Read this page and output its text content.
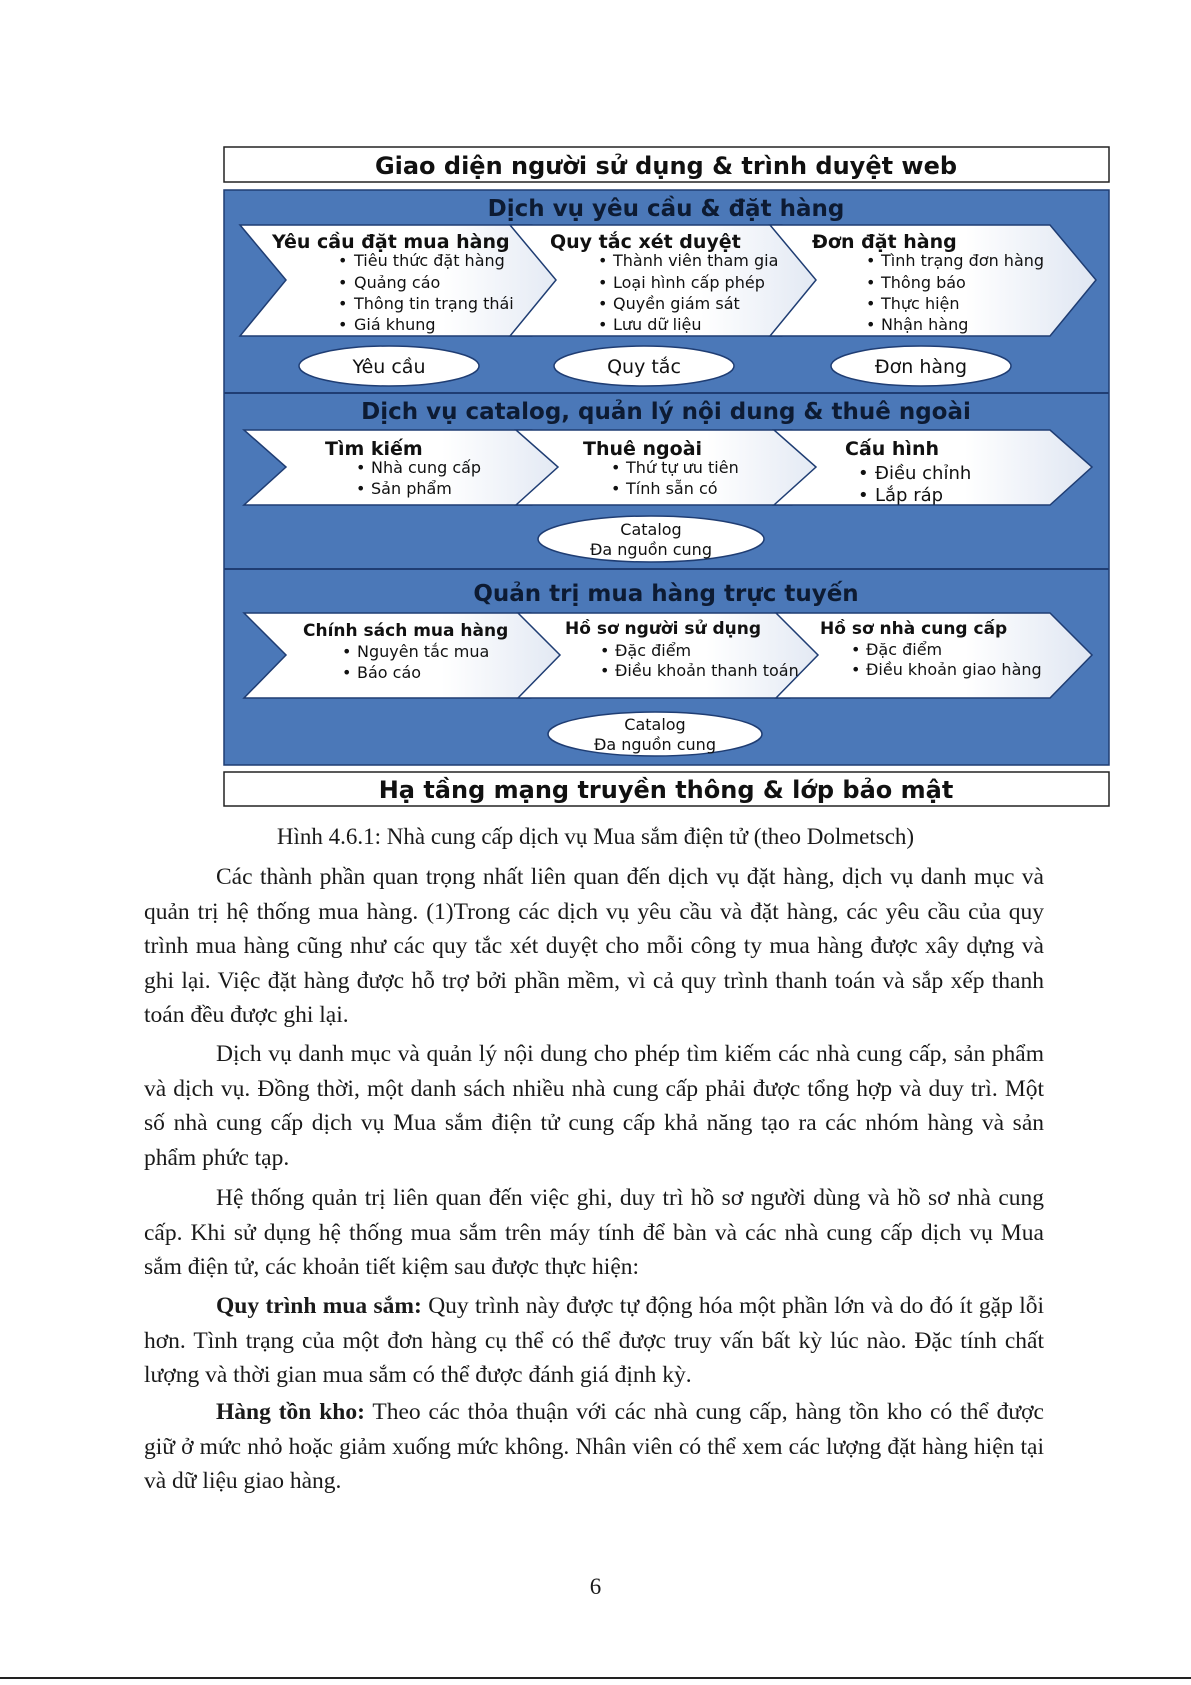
Giao diện người sử dụng & trình duyệt web
Dịch vụ yêu cầu & đặt hàng
Yêu cầu đặt mua hàng
• Tiêu thức đặt hàng
• Quảng cáo
• Thông tin trạng thái
• Giá khung
Quy tắc xét duyệt
• Thành viên tham gia
• Loại hình cấp phép
• Quyền giám sát
• Lưu dữ liệu
Đơn đặt hàng
• Tình trạng đơn hàng
• Thông báo
• Thực hiện
• Nhận hàng
Yêu cầu	Quy tắc	Đơn hàng
Dịch vụ catalog, quản lý nội dung & thuê ngoài
Tìm kiếm
• Nhà cung cấp
• Sản phẩm
Thuê ngoài
• Thứ tự ưu tiên
• Tính sẵn có
Cấu hình
• Điều chỉnh
• Lắp ráp
Catalog
Đa nguồn cung
Quản trị mua hàng trực tuyến
Chính sách mua hàng
• Nguyên tắc mua
• Báo cáo
Hồ sơ người sử dụng
• Đặc điểm
• Điều khoản thanh toán
Hồ sơ nhà cung cấp
• Đặc điểm
• Điều khoản giao hàng
Catalog
Đa nguồn cung
Hạ tầng mạng truyền thông & lớp bảo mật
Hình 4.6.1: Nhà cung cấp dịch vụ Mua sắm điện tử (theo Dolmetsch)

Các thành phần quan trọng nhất liên quan đến dịch vụ đặt hàng, dịch vụ danh mục và quản trị hệ thống mua hàng. (1)Trong các dịch vụ yêu cầu và đặt hàng, các yêu cầu của quy trình mua hàng cũng như các quy tắc xét duyệt cho mỗi công ty mua hàng được xây dựng và ghi lại. Việc đặt hàng được hỗ trợ bởi phần mềm, vì cả quy trình thanh toán và sắp xếp thanh toán đều được ghi lại.

Dịch vụ danh mục và quản lý nội dung cho phép tìm kiếm các nhà cung cấp, sản phẩm và dịch vụ. Đồng thời, một danh sách nhiều nhà cung cấp phải được tổng hợp và duy trì. Một số nhà cung cấp dịch vụ Mua sắm điện tử cung cấp khả năng tạo ra các nhóm hàng và sản phẩm phức tạp.

Hệ thống quản trị liên quan đến việc ghi, duy trì hồ sơ người dùng và hồ sơ nhà cung cấp. Khi sử dụng hệ thống mua sắm trên máy tính để bàn và các nhà cung cấp dịch vụ Mua sắm điện tử, các khoản tiết kiệm sau được thực hiện:

Quy trình mua sắm: Quy trình này được tự động hóa một phần lớn và do đó ít gặp lỗi hơn. Tình trạng của một đơn hàng cụ thể có thể được truy vấn bất kỳ lúc nào. Đặc tính chất lượng và thời gian mua sắm có thể được đánh giá định kỳ.

Hàng tồn kho: Theo các thỏa thuận với các nhà cung cấp, hàng tồn kho có thể được giữ ở mức nhỏ hoặc giảm xuống mức không. Nhân viên có thể xem các lượng đặt hàng hiện tại và dữ liệu giao hàng.

6
